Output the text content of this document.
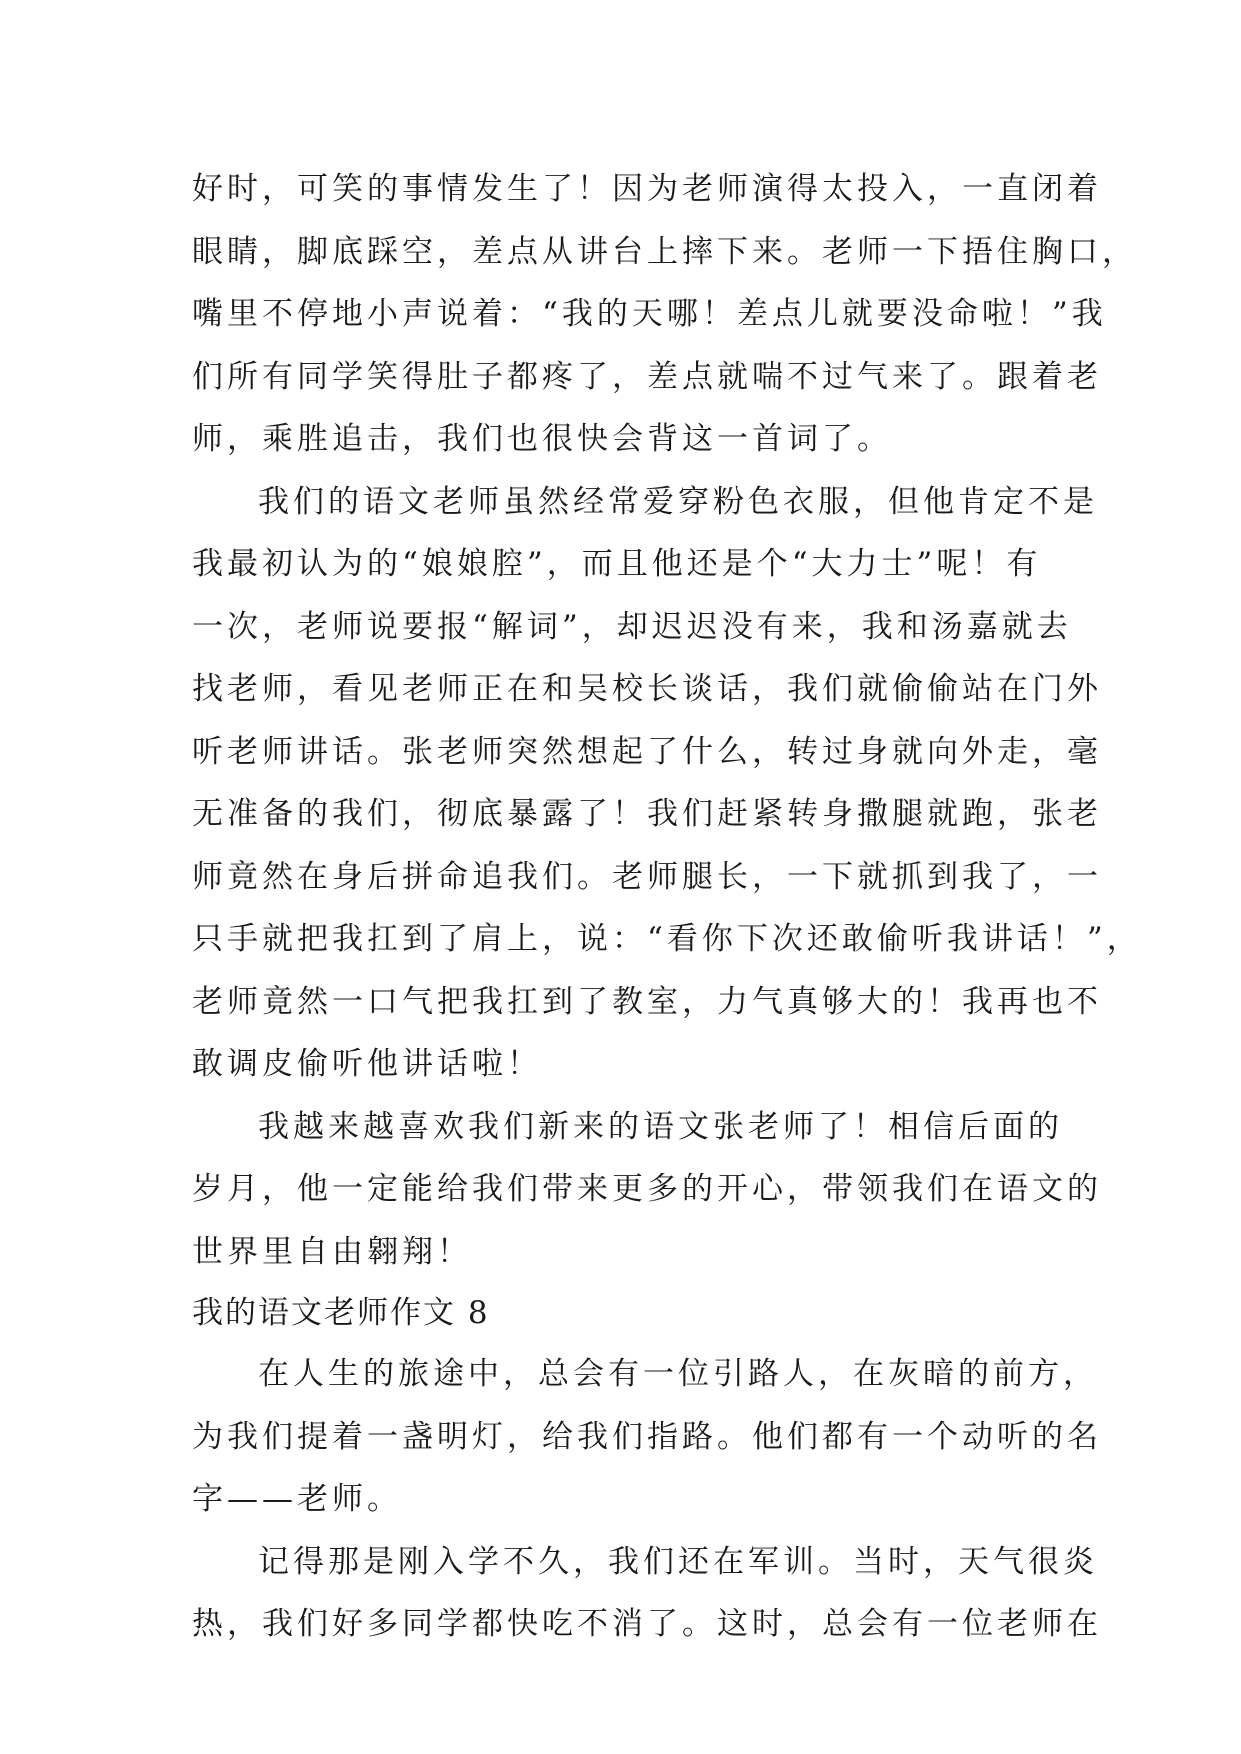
好时，可笑的事情发生了！因为老师演得太投入，一直闭着
眼睛，脚底踩空，差点从讲台上摔下来。老师一下捂住胸口，
嘴里不停地小声说着：“我的天哪！差点儿就要没命啦！”我
们所有同学笑得肚子都疼了，差点就喘不过气来了。跟着老
师，乘胜追击，我们也很快会背这一首词了。
我们的语文老师虽然经常爱穿粉色衣服，但他肯定不是
我最初认为的“娘娘腔”，而且他还是个“大力士”呢！有
一次，老师说要报“解词”，却迟迟没有来，我和汤嘉就去
找老师，看见老师正在和吴校长谈话，我们就偷偷站在门外
听老师讲话。张老师突然想起了什么，转过身就向外走，毫
无准备的我们，彻底暴露了！我们赶紧转身撒腿就跑，张老
师竟然在身后拼命追我们。老师腿长，一下就抓到我了，一
只手就把我扛到了肩上，说：“看你下次还敢偷听我讲话！”，
老师竟然一口气把我扛到了教室，力气真够大的！我再也不
敢调皮偷听他讲话啦！
我越来越喜欢我们新来的语文张老师了！相信后面的
岁月，他一定能给我们带来更多的开心，带领我们在语文的
世界里自由翱翔！
我的语文老师作文 8
在人生的旅途中，总会有一位引路人，在灰暗的前方，
为我们提着一盏明灯，给我们指路。他们都有一个动听的名
字——老师。
记得那是刚入学不久，我们还在军训。当时，天气很炎
热，我们好多同学都快吃不消了。这时，总会有一位老师在
